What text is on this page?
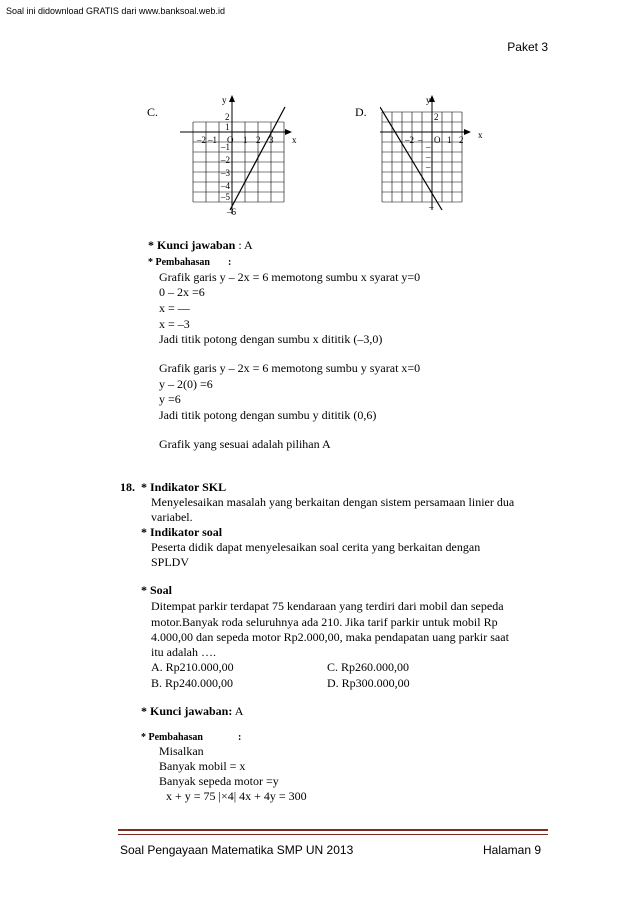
Soal ini didownload GRATIS dari www.banksoal.web.id
Paket 3
C.
y
x
2
1
–1
–2
–3
–4
–5
–6
–2 –1 O 1 2 3
D.
y
x
2
–
–
–
–
–2 – O 1 2
* Kunci jawaban : A
* Pembahasan :
Grafik garis y – 2x = 6 memotong sumbu x syarat y=0
0 – 2x =6
x = —
x = –3
Jadi titik potong dengan sumbu x dititik (–3,0)
Grafik garis y – 2x = 6 memotong sumbu y syarat x=0
y – 2(0) =6
y =6
Jadi titik potong dengan sumbu y dititik (0,6)
Grafik yang sesuai adalah pilihan A
18. * Indikator SKL
Menyelesaikan masalah yang berkaitan dengan sistem persamaan linier dua
variabel.
* Indikator soal
Peserta didik dapat menyelesaikan soal cerita yang berkaitan dengan
SPLDV
* Soal
Ditempat parkir terdapat 75 kendaraan yang terdiri dari mobil dan sepeda
motor.Banyak roda seluruhnya ada 210. Jika tarif parkir untuk mobil Rp
4.000,00 dan sepeda motor Rp2.000,00, maka pendapatan uang parkir saat
itu adalah ….
A. Rp210.000,00	C. Rp260.000,00
B. Rp240.000,00	D. Rp300.000,00
* Kunci jawaban: A
* Pembahasan	:
Misalkan
Banyak mobil = x
Banyak sepeda motor =y
x + y = 75 |×4| 4x + 4y = 300
Soal Pengayaan Matematika SMP UN 2013	Halaman 9
